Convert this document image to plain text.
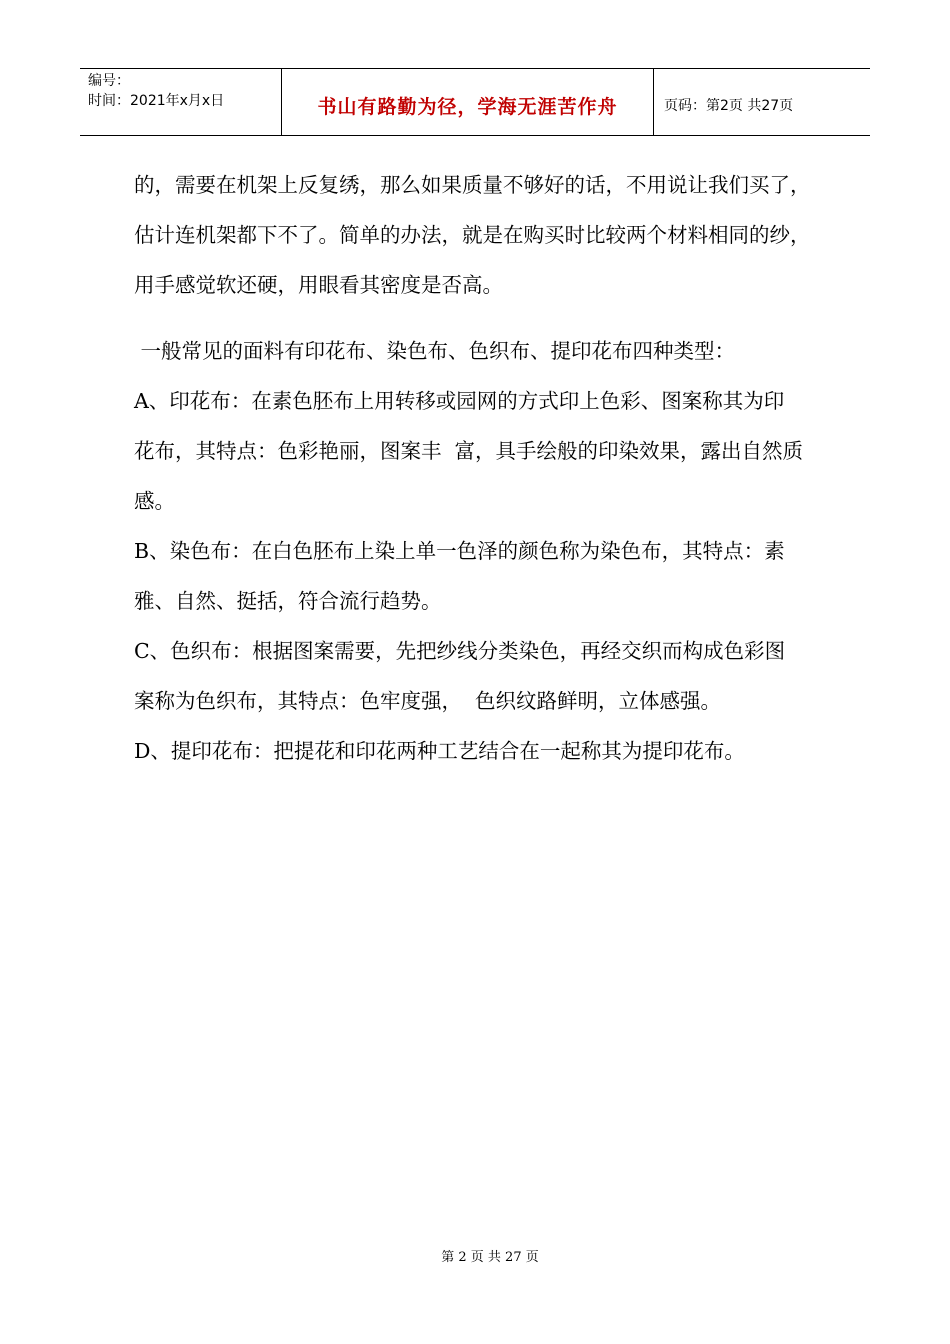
编号：
时间：2021年x月x日	书山有路勤为径，学海无涯苦作舟	页码：第2页 共27页

的，需要在机架上反复绣，那么如果质量不够好的话，不用说让我们买了，

估计连机架都下不了。简单的办法，就是在购买时比较两个材料相同的纱，

用手感觉软还硬，用眼看其密度是否高。

一般常见的面料有印花布、染色布、色织布、提印花布四种类型：

A、印花布：在素色胚布上用转移或园网的方式印上色彩、图案称其为印

花布，其特点：色彩艳丽，图案丰  富，具手绘般的印染效果，露出自然质

感。

B、染色布：在白色胚布上染上单一色泽的颜色称为染色布，其特点：素

雅、自然、挺括，符合流行趋势。

C、色织布：根据图案需要，先把纱线分类染色，再经交织而构成色彩图

案称为色织布，其特点：色牢度强，  色织纹路鲜明，立体感强。

D、提印花布：把提花和印花两种工艺结合在一起称其为提印花布。

第 2 页 共 27 页
